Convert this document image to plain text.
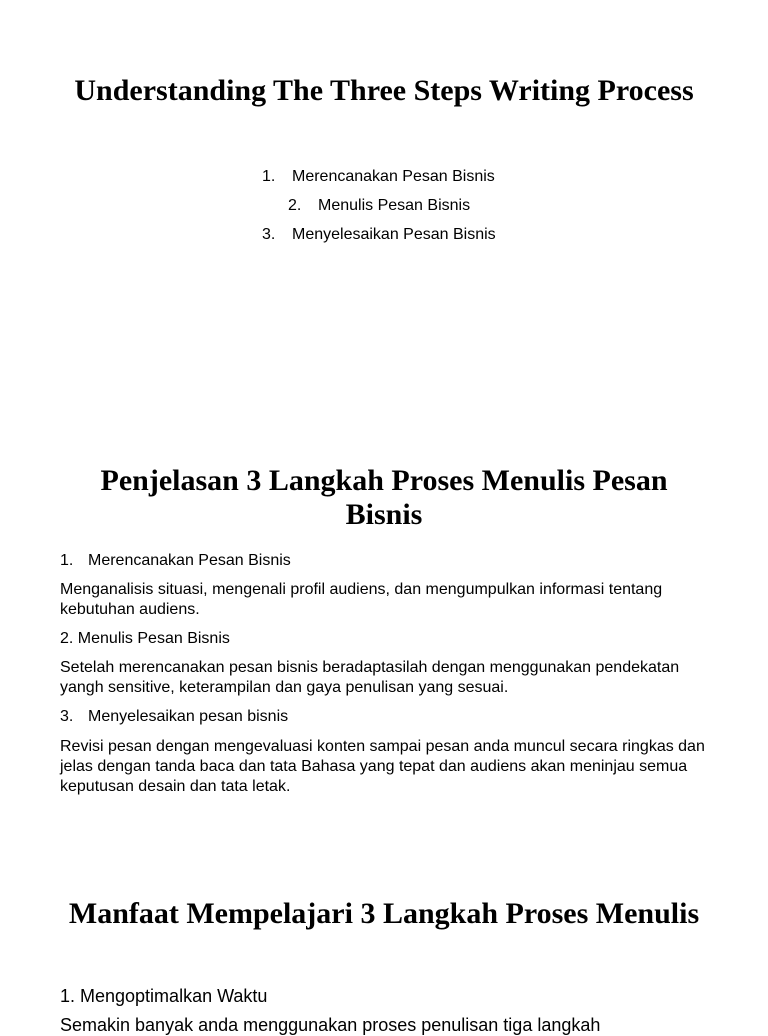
Understanding The Three Steps Writing Process
1. Merencanakan Pesan Bisnis
2. Menulis Pesan Bisnis
3. Menyelesaikan Pesan Bisnis
Penjelasan 3 Langkah Proses Menulis Pesan Bisnis

1. Merencanakan Pesan Bisnis

Menganalisis situasi, mengenali profil audiens, dan mengumpulkan informasi tentang kebutuhan audiens.

2. Menulis Pesan Bisnis

Setelah merencanakan pesan bisnis beradaptasilah dengan menggunakan pendekatan yangh sensitive, keterampilan dan gaya penulisan yang sesuai.

3. Menyelesaikan pesan bisnis

Revisi pesan dengan mengevaluasi konten sampai pesan anda muncul secara ringkas dan jelas dengan tanda baca dan tata Bahasa yang tepat dan audiens akan meninjau semua keputusan desain dan tata letak.

Manfaat Mempelajari 3 Langkah Proses Menulis

1. Mengoptimalkan Waktu

Semakin banyak anda menggunakan proses penulisan tiga langkah
